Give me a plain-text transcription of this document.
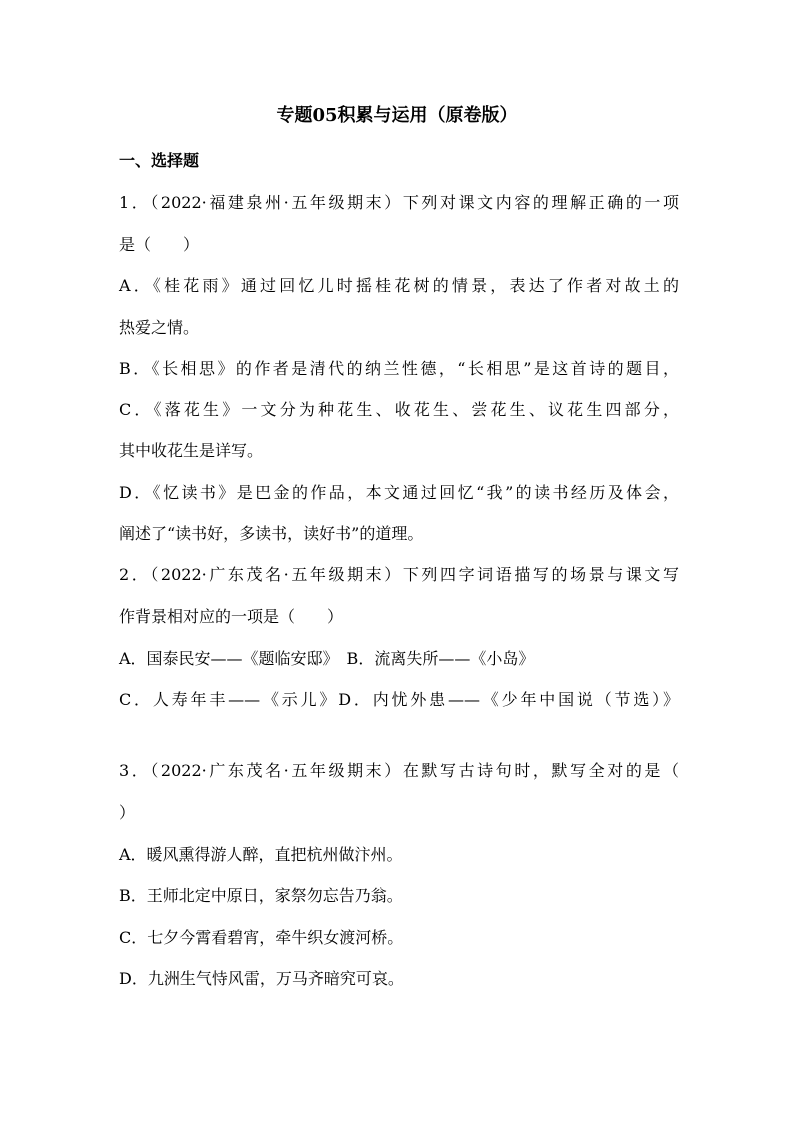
专题05积累与运用（原卷版）
一、选择题
1．（2022·福建泉州·五年级期末）下列对课文内容的理解正确的一项
是（　　）
A．《桂花雨》通过回忆儿时摇桂花树的情景，表达了作者对故土的
热爱之情。
B．《长相思》的作者是清代的纳兰性德，“长相思”是这首诗的题目，
C．《落花生》一文分为种花生、收花生、尝花生、议花生四部分，
其中收花生是详写。
D．《忆读书》是巴金的作品，本文通过回忆“我”的读书经历及体会，
阐述了“读书好，多读书，读好书”的道理。
2．（2022·广东茂名·五年级期末）下列四字词语描写的场景与课文写
作背景相对应的一项是（　　）
A．国泰民安——《题临安邸》　B．流离失所——《小岛》
C．人寿年丰——《示儿》D．内忧外患——《少年中国说（节选）》
3．（2022·广东茂名·五年级期末）在默写古诗句时，默写全对的是（
）
A．暖风熏得游人醉，直把杭州做汴州。
B．王师北定中原日，家祭勿忘告乃翁。
C．七夕今霄看碧宵，牵牛织女渡河桥。
D．九洲生气恃风雷，万马齐暗究可哀。
